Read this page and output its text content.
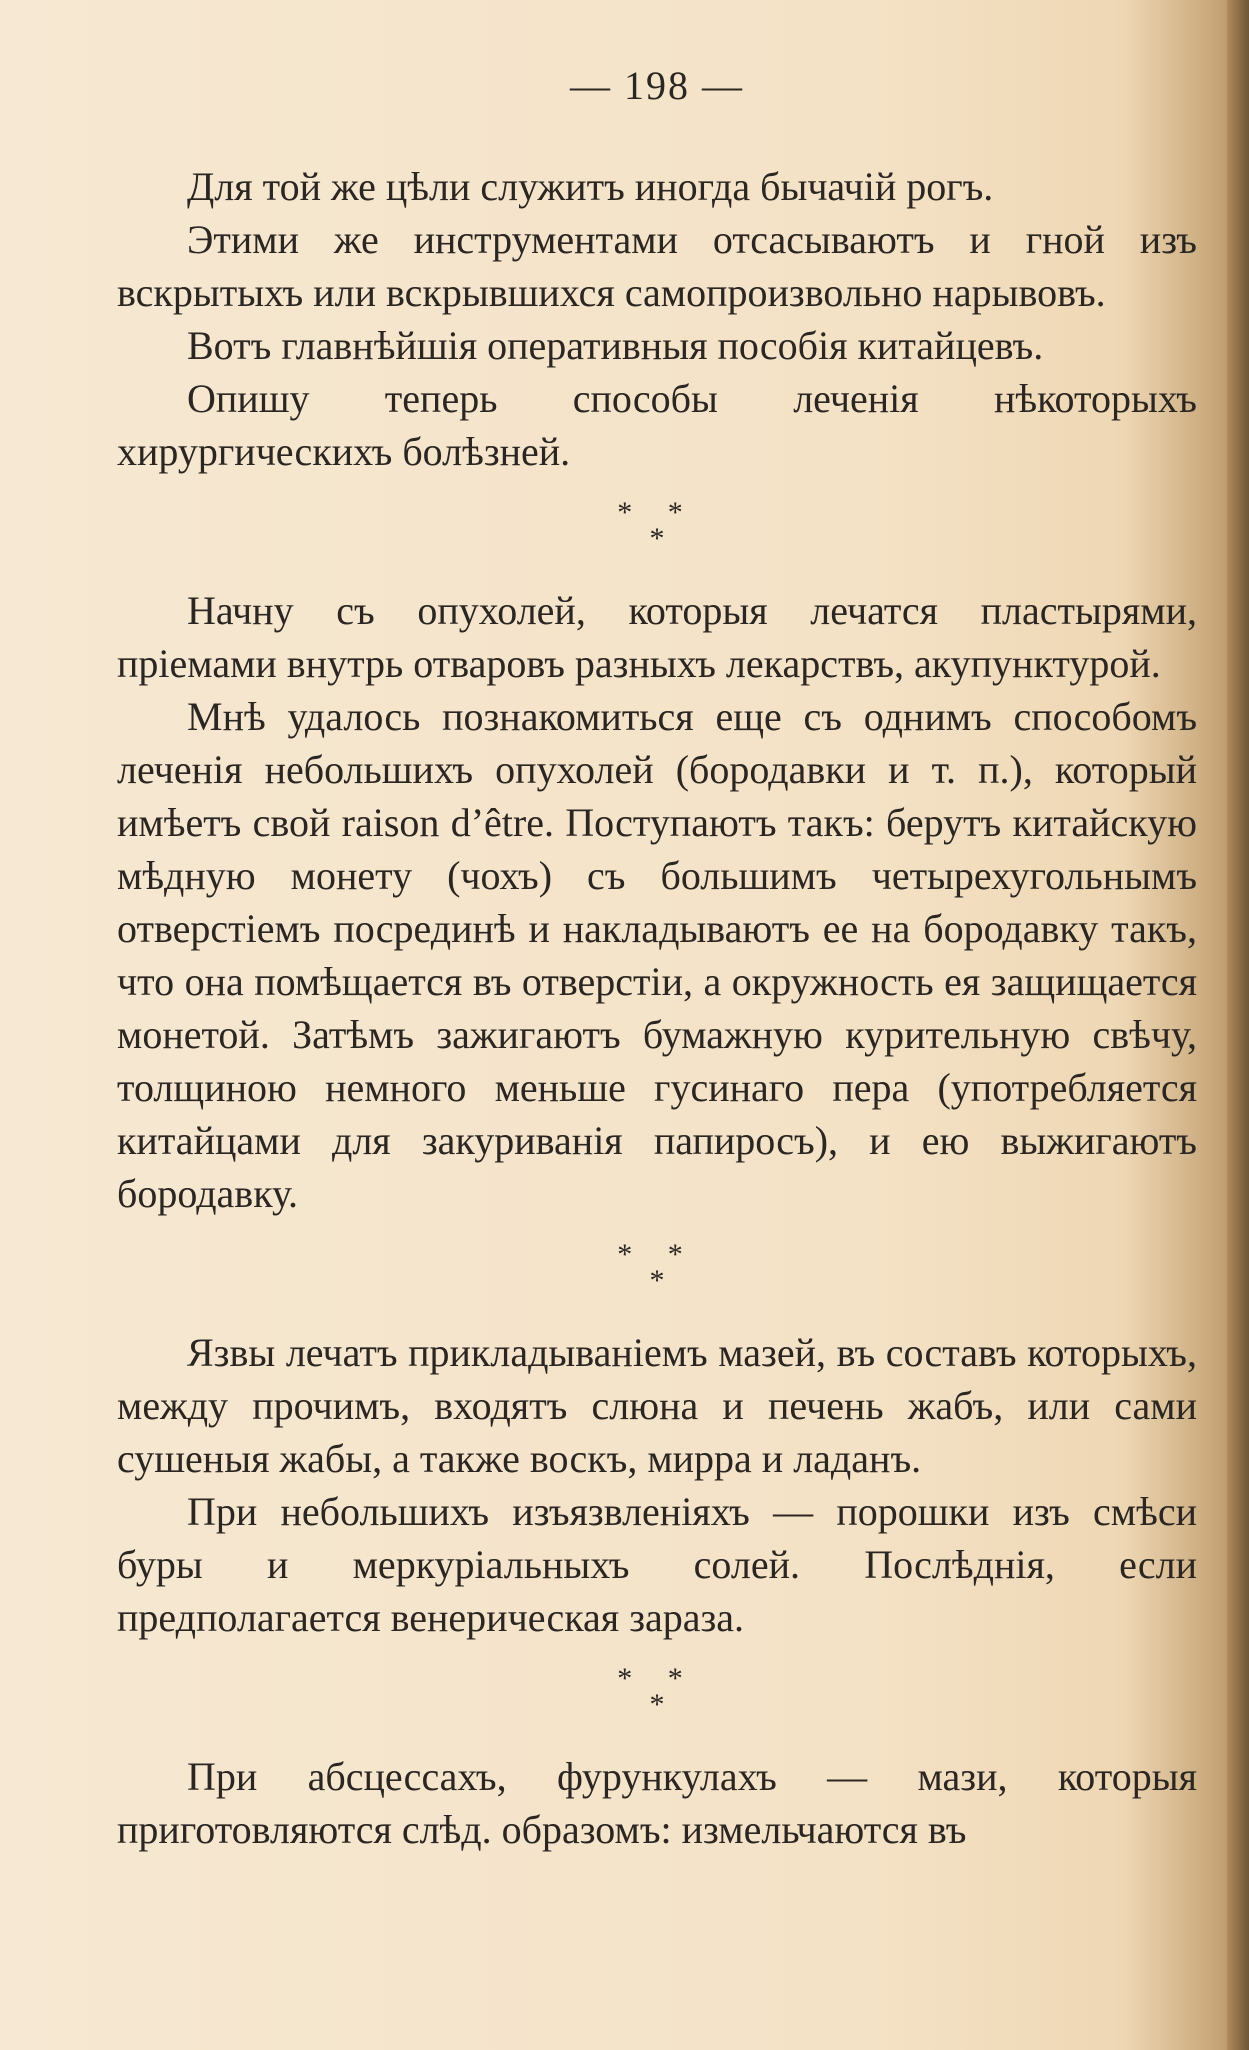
— 198 —

Для той же цѣли служитъ иногда бычачій рогъ.

Этими же инструментами отсасываютъ и гной изъ вскрытыхъ или вскрывшихся самопроизвольно нарывовъ.

Вотъ главнѣйшія оперативныя пособія китайцевъ.

Опишу теперь способы леченія нѣкоторыхъ хирургическихъ болѣзней.

* *
*

Начну съ опухолей, которыя лечатся пластырями, пріемами внутрь отваровъ разныхъ лекарствъ, акупунктурой.

Мнѣ удалось познакомиться еще съ однимъ способомъ леченія небольшихъ опухолей (бородавки и т. п.), который имѣетъ свой raison d’être. Поступаютъ такъ: берутъ китайскую мѣдную монету (чохъ) съ большимъ четырехугольнымъ отверстіемъ посрединѣ и накладываютъ ее на бородавку такъ, что она помѣщается въ отверстіи, а окружность ея защищается монетой. Затѣмъ зажигаютъ бумажную курительную свѣчу, толщиною немного меньше гусинаго пера (употребляется китайцами для закуриванія папиросъ), и ею выжигаютъ бородавку.

* *
*

Язвы лечатъ прикладываніемъ мазей, въ составъ которыхъ, между прочимъ, входятъ слюна и печень жабъ, или сами сушеныя жабы, а также воскъ, мирра и ладанъ.

При небольшихъ изъязвленіяхъ — порошки изъ смѣси буры и меркуріальныхъ солей. Послѣднія, если предполагается венерическая зараза.

* *
*

При абсцессахъ, фурункулахъ — мази, которыя приготовляются слѣд. образомъ: измельчаются въ
